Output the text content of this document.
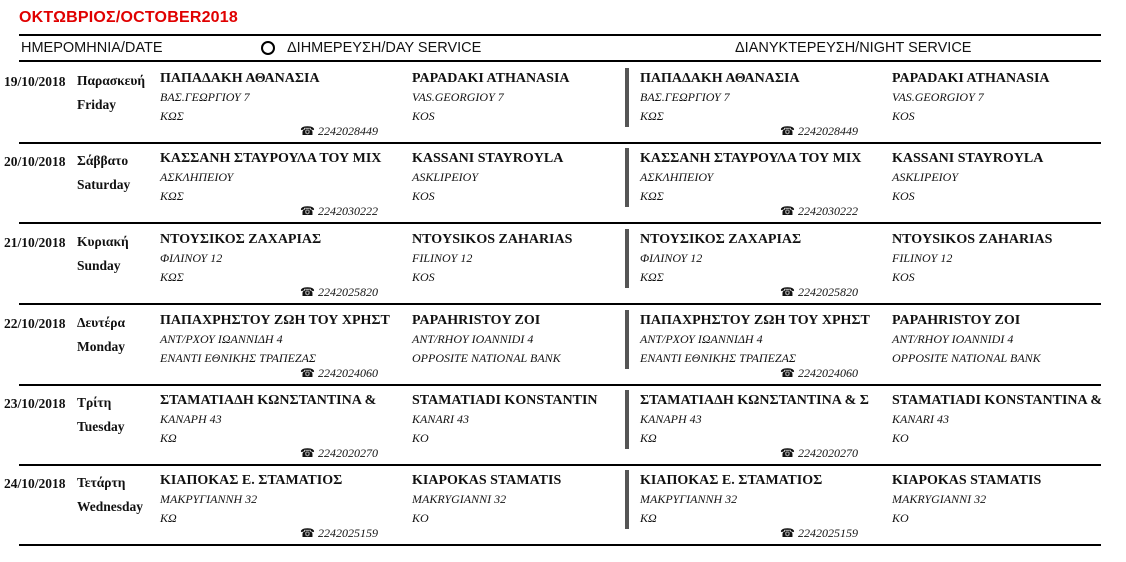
ΟΚΤΩΒΡΙΟΣ/OCTOBER2018
ΗΜΕΡΟΜΗΝΙΑ/DATE	ΔΙΗΜΕΡΕΥΣΗ/DAY SERVICE	ΔΙΑΝΥΚΤΕΡΕΥΣΗ/NIGHT SERVICE
19/10/2018 Παρασκευή
Friday
ΠΑΠΑΔΑΚΗ ΑΘΑΝΑΣΙΑ
ΒΑΣ.ΓΕΩΡΓΙΟΥ 7
ΚΩΣ
PAPADAKI ATHANASIA
VAS.GEORGIOY 7
KOS
☎ 2242028449
ΠΑΠΑΔΑΚΗ ΑΘΑΝΑΣΙΑ
ΒΑΣ.ΓΕΩΡΓΙΟΥ 7
ΚΩΣ
PAPADAKI ATHANASIA
VAS.GEORGIOY 7
KOS
☎ 2242028449
20/10/2018 Σάββατο
Saturday
ΚΑΣΣΑΝΗ ΣΤΑΥΡΟΥΛΑ ΤΟΥ ΜΙΧ
ΑΣΚΛΗΠΕΙΟΥ
ΚΩΣ
KASSANI STAYROYLA
ASKLIPEIOY
KOS
☎ 2242030222
ΚΑΣΣΑΝΗ ΣΤΑΥΡΟΥΛΑ ΤΟΥ ΜΙΧ
ΑΣΚΛΗΠΕΙΟΥ
ΚΩΣ
KASSANI STAYROYLA
ASKLIPEIOY
KOS
☎ 2242030222
21/10/2018 Κυριακή
Sunday
ΝΤΟΥΣΙΚΟΣ ΖΑΧΑΡΙΑΣ
ΦΙΛΙΝΟΥ 12
ΚΩΣ
NTOYSIKOS ZAHARIAS
FILINOY 12
KOS
☎ 2242025820
ΝΤΟΥΣΙΚΟΣ ΖΑΧΑΡΙΑΣ
ΦΙΛΙΝΟΥ 12
ΚΩΣ
NTOYSIKOS ZAHARIAS
FILINOY 12
KOS
☎ 2242025820
22/10/2018 Δευτέρα
Monday
ΠΑΠΑΧΡΗΣΤΟΥ ΖΩΗ ΤΟΥ ΧΡΗΣΤ
ΑΝΤ/ΡΧΟΥ ΙΩΑΝΝΙΔΗ 4
ΕΝΑΝΤΙ ΕΘΝΙΚΗΣ ΤΡΑΠΕΖΑΣ
PAPAHRISTOY ZOI
ANT/RHOY IOANNIDI 4
OPPOSITE NATIONAL BANK
☎ 2242024060
ΠΑΠΑΧΡΗΣΤΟΥ ΖΩΗ ΤΟΥ ΧΡΗΣΤ
ΑΝΤ/ΡΧΟΥ ΙΩΑΝΝΙΔΗ 4
ΕΝΑΝΤΙ ΕΘΝΙΚΗΣ ΤΡΑΠΕΖΑΣ
PAPAHRISTOY ZOI
ANT/RHOY IOANNIDI 4
OPPOSITE NATIONAL BANK
☎ 2242024060
23/10/2018 Τρίτη
Tuesday
ΣΤΑΜΑΤΙΑΔΗ ΚΩΝΣΤΑΝΤΙΝΑ &
ΚΑΝΑΡΗ 43
ΚΩ
STAMATIADI KONSTANTIN
KANARI 43
KO
☎ 2242020270
ΣΤΑΜΑΤΙΑΔΗ ΚΩΝΣΤΑΝΤΙΝΑ & Σ
ΚΑΝΑΡΗ 43
ΚΩ
STAMATIADI KONSTANTINA &
KANARI 43
KO
☎ 2242020270
24/10/2018 Τετάρτη
Wednesday
ΚΙΑΠΟΚΑΣ Ε. ΣΤΑΜΑΤΙΟΣ
ΜΑΚΡΥΓΙΑΝΝΗ 32
ΚΩ
KIAPOKAS STAMATIS
MAKRYGIANNI 32
KO
☎ 2242025159
ΚΙΑΠΟΚΑΣ Ε. ΣΤΑΜΑΤΙΟΣ
ΜΑΚΡΥΓΙΑΝΝΗ 32
ΚΩ
KIAPOKAS STAMATIS
MAKRYGIANNI 32
KO
☎ 2242025159
